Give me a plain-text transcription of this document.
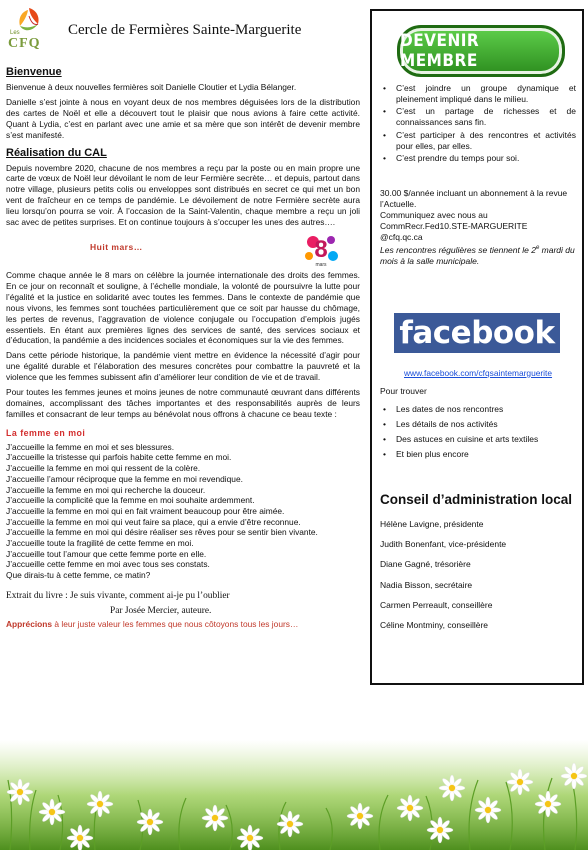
Les
CFQ
Cercle de Fermières Sainte-Marguerite
Bienvenue

Bienvenue à deux nouvelles fermières soit Danielle Cloutier et Lydia Bélanger.

Danielle s’est jointe à nous en voyant deux de nos membres déguisées lors de la distribution des cartes de Noël et elle a découvert tout le plaisir que nous avions à faire cette activité. Quant à Lydia, c’est en parlant avec une amie et sa mère que son intérêt de devenir membre s’est manifesté.

Réalisation du CAL

Depuis novembre 2020, chacune de nos membres a reçu par la poste ou en main propre une carte de vœux de Noël leur dévoilant le nom de leur Fermière secrète… et depuis, partout dans notre village, plusieurs petits colis ou enveloppes sont distribués en secret ce qui met un bon vent de fraîcheur en ce temps de pandémie. Le dévoilement de notre Fermière secrète aura lieu lorsqu’on pourra se voir. À l’occasion de la Saint-Valentin, chaque membre a reçu un joli sac avec de petites surprises. Et on continue toujours à s’occuper les unes des autres….

Huit mars…	8
mars

Comme chaque année le 8 mars on célèbre la journée internationale des droits des femmes. En ce jour on reconnaît et souligne, à l’échelle mondiale, la volonté de poursuivre la lutte pour l’égalité et la justice en solidarité avec toutes les femmes. Dans le contexte de pandémie que nous vivons, les femmes sont touchées particulièrement que ce soit par hausse du chômage, les pertes de revenus, l’aggravation de violence conjugale ou l’occupation d’emplois jugés essentiels. En étant aux premières lignes des services de santé, des services sociaux et d’éducation, la pandémie a des incidences sociales et économiques sur la vie des femmes.

Dans cette période historique, la pandémie vient mettre en évidence la nécessité d’agir pour une égalité durable et l’élaboration des mesures concrètes pour combattre la pauvreté et la violence que les femmes subissent afin d’améliorer leur condition de vie et de travail.

Pour toutes les femmes jeunes et moins jeunes de notre communauté œuvrant dans différents domaines, accomplissant des tâches importantes et des responsabilités auprès de leurs familles et consacrant de leur temps au bénévolat nous offrons à chacune ce beau texte :

La femme en moi
J’accueille la femme en moi et ses blessures.
J’accueille la tristesse qui parfois habite cette femme en moi.
J’accueille la femme en moi qui ressent de la colère.
J’accueille l’amour réciproque que la femme en moi revendique.
J’accueille la femme en moi qui recherche la douceur.
J’accueille la complicité que la femme en moi souhaite ardemment.
J’accueille la femme en moi qui en fait vraiment beaucoup pour être aimée.
J’accueille la femme en moi qui veut faire sa place, qui a envie d’être reconnue.
J’accueille la femme en moi qui désire réaliser ses rêves pour se sentir bien vivante.
J’accueille toute la fragilité de cette femme en moi.
J’accueille tout l’amour que cette femme porte en elle.
J’accueille cette femme en moi avec tous ses constats.
Que dirais-tu à cette femme, ce matin?

Extrait du livre : Je suis vivante, comment ai-je pu l’oublier

Par Josée Mercier, auteure.

Apprécions à leur juste valeur les femmes que nous côtoyons tous les jours…

DEVENIR MEMBRE
• C’est joindre un groupe dynamique et pleinement impliqué dans le milieu.
• C’est un partage de richesses et de connaissances sans fin.
• C’est participer à des rencontres et activités pour elles, par elles.
• C’est prendre du temps pour soi.

30.00 $/année incluant un abonnement à la revue l’Actuelle.

Communiquez avec nous au

CommRecr.Fed10.STE-MARGUERITE

@cfq.qc.ca

Les rencontres régulières se tiennent le 2e mardi du mois à la salle municipale.

facebook
www.facebook.com/cfqsaintemarguerite
Pour trouver
• Les dates de nos rencontres
• Les détails de nos activités
• Des astuces en cuisine et arts textiles
• Et bien plus encore
Conseil d’administration local
Hélène Lavigne, présidente
Judith Bonenfant, vice-présidente
Diane Gagné, trésorière
Nadia Bisson, secrétaire
Carmen Perreault, conseillère
Céline Montminy, conseillère
